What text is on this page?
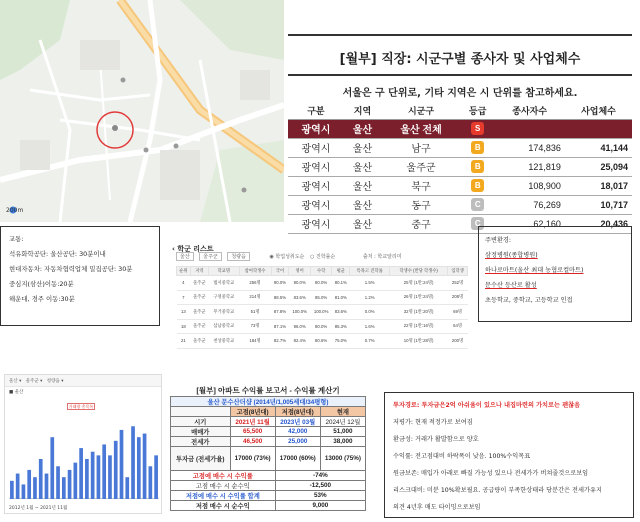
200m
[월부] 직장: 시군구별 종사자 및 사업체수
서울은 구 단위로, 기타 지역은 시 단위를 참고하세요.
구분	지역	시군구	등급	종사자수	사업체수
광역시	울산	울산 전체	S		
광역시	울산	남구	B	174,836	41,144
광역시	울산	울주군	B	121,819	25,094
광역시	울산	북구	B	108,900	18,017
광역시	울산	동구	C	76,269	10,717
광역시	울산	중구	C	62,160	20,436
교통:
석유화학공단: 울산공단: 30분이내
현대자동차: 자동차협력업체 밀집공단: 30분
중심지(삼산)이동:20분
해운대, 경주 이동:30분
‹ 학군 리스트
울산	울주군	청량읍	◉ 학업성취도순 ○ 진학률순	출처 : 학교알리미
순위	지역	학교명	참여학생수	국어	영어	수학	평균	특목고 진학률	학생수 (반당 학생수)	입학생
4	울주군	범서중학교	256명	90.0%	90.0%	80.0%	80.1%	1.5%	25명 (1반:24명)	252명
7	울주군	구영중학교	214명	88.5%	83.6%	85.0%	81.0%	1.2%	26명 (1반:24명)	208명
13	울주군	무거중학교	51명	87.8%	100.0%	100.0%	83.6%	0.0%	32명 (1반:20명)	69명
18	울주군	삼남중학교	73명	87.1%	96.0%	80.0%	85.3%	1.6%	22명 (1반:16명)	64명
21	울주군	천상중학교	184명	82.7%	82.4%	80.6%	75.0%	0.7%	10명 (1반:28명)	200명
주변환경:
삼정병원(종합병원)
하나로마트(울산 최대 농협로컬마트)
문수산 등산로 활성
초등학교, 중학교, 고등학교 인접
울산 ▾   울주군 ▾   청량읍 ▾
■ 울산
거래량 총목록
2012년 1월 ~ 2021년 11월
[월부] 아파트 수익률 보고서 - 수익률 계산기
울산 문수산더샵 (2014년/1,005세대/34평형)			
	고점(8년대)	저점(8년대)	현재
시기	2021년 11월	2023년 03월	2024년 12월
매매가	65,500	42,000	51,000
전세가	46,500	25,000	38,000
투자금 (전세가율)	17000 (73%)	17000 (60%)	13000 (75%)
고점에 매수 시 수익률		-74%	
고점 매수 시 순수익		-12,500	
저점에 매수 시 수익률 합계		53%	
저점 매수 시 순수익		9,000	
투자경로: 투자금은2억 아쉬움이 있으나 내집마련의 가치로는 괜찮음
저평가: 현재 적정가로 보여짐
환금성: 거래가 활발함으로 양호
수익률: 전고점대비 하락폭이 낮음. 100%수익목표
원금보존: 매입가 아래로 빠질 가능성 있으나 전세가가 버쳐줄것으로보임
리스크대비: 미분 10%확보필요. 공급량이 부족한상태라 당분간은 전세가유지
의견 4년후 매도 타이밍으로보임
